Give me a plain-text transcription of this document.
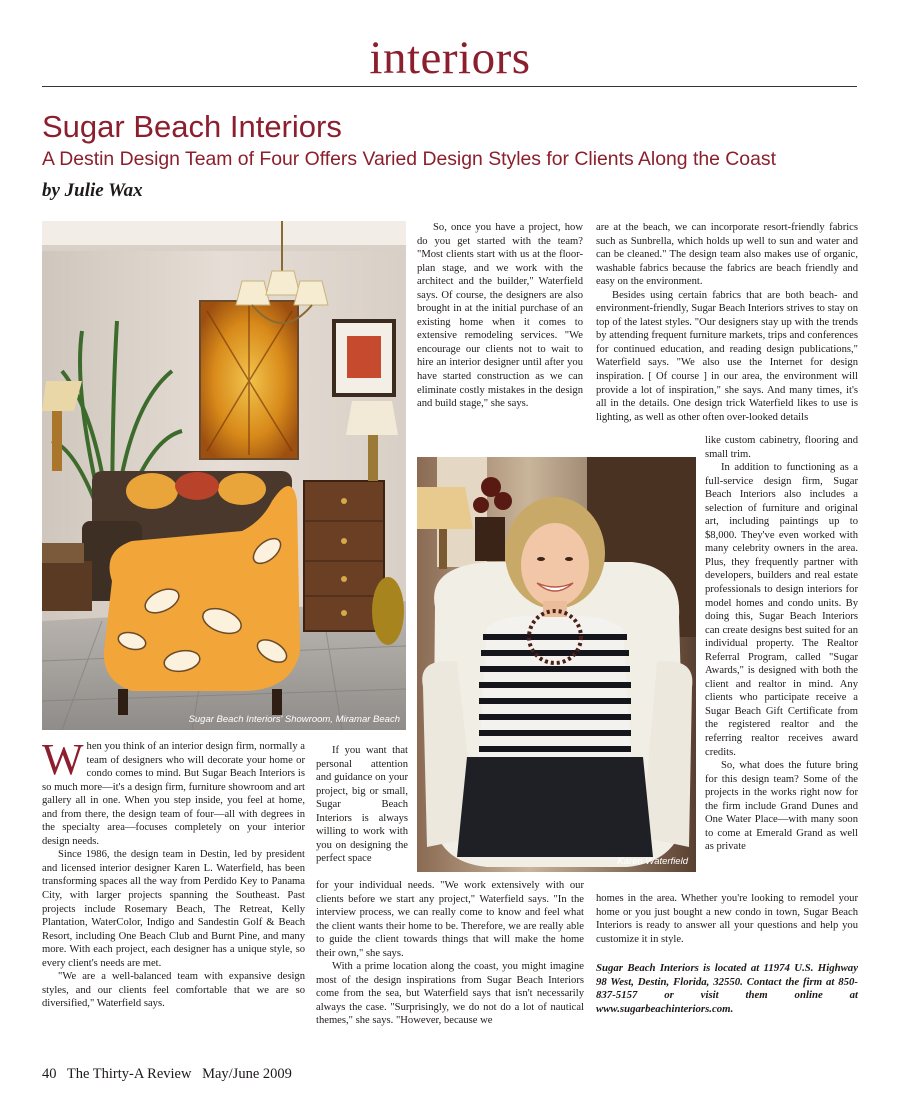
interiors
Sugar Beach Interiors
A Destin Design Team of Four Offers Varied Design Styles for Clients Along the Coast
by Julie Wax
Sugar Beach Interiors' Showroom, Miramar Beach
Karen Waterfield

When you think of an interior design firm, normally a team of designers who will decorate your home or condo comes to mind. But Sugar Beach Interiors is so much more—it's a design firm, furniture showroom and art gallery all in one. When you step inside, you feel at home, and from there, the design team of four—all with degrees in the specialty area—focuses completely on your interior design needs.

Since 1986, the design team in Destin, led by president and licensed interior designer Karen L. Waterfield, has been transforming spaces all the way from Perdido Key to Panama City, with larger projects spanning the Southeast. Past projects include Rosemary Beach, The Retreat, Kelly Plantation, WaterColor, Indigo and Sandestin Golf & Beach Resort, including One Beach Club and Burnt Pine, and many more. With each project, each designer has a unique style, so every client's needs are met.

"We are a well-balanced team with expansive design styles, and our clients feel comfortable that we are so diversified," Waterfield says.

So, once you have a project, how do you get started with the team? "Most clients start with us at the floor-plan stage, and we work with the architect and the builder," Waterfield says. Of course, the designers are also brought in at the initial purchase of an existing home when it comes to extensive remodeling services. "We encourage our clients not to wait to hire an interior designer until after you have started construction as we can eliminate costly mistakes in the design and build stage," she says.

If you want that personal attention and guidance on your project, big or small, Sugar Beach Interiors is always willing to work with you on designing the perfect space

for your individual needs. "We work extensively with our clients before we start any project," Waterfield says. "In the interview process, we can really come to know and feel what the client wants their home to be. Therefore, we are really able to guide the client towards things that will make the home their own," she says.

With a prime location along the coast, you might imagine most of the design inspirations from Sugar Beach Interiors come from the sea, but Waterfield says that isn't necessarily always the case. "Surprisingly, we do not do a lot of nautical themes," she says. "However, because we

are at the beach, we can incorporate resort-friendly fabrics such as Sunbrella, which holds up well to sun and water and can be cleaned." The design team also makes use of organic, washable fabrics because the fabrics are beach friendly and easy on the environment.

Besides using certain fabrics that are both beach- and environment-friendly, Sugar Beach Interiors strives to stay on top of the latest styles. "Our designers stay up with the trends by attending frequent furniture markets, trips and conferences for continued education, and reading design publications," Waterfield says. "We also use the Internet for design inspiration. [ Of course ] in our area, the environment will provide a lot of inspiration," she says. And many times, it's all in the details. One design trick Waterfield likes to use is lighting, as well as other often over-looked details

like custom cabinetry, flooring and small trim.

In addition to functioning as a full-service design firm, Sugar Beach Interiors also includes a selection of furniture and original art, including paintings up to $8,000. They've even worked with many celebrity owners in the area. Plus, they frequently partner with developers, builders and real estate professionals to design interiors for model homes and condo units. By doing this, Sugar Beach Interiors can create designs best suited for an individual property. The Realtor Referral Program, called "Sugar Awards," is designed with both the client and realtor in mind. Any clients who participate receive a Sugar Beach Gift Certificate from the registered realtor and the referring realtor receives award credits.

So, what does the future bring for this design team? Some of the projects in the works right now for the firm include Grand Dunes and One Water Place—with many soon to come at Emerald Grand as well as private

homes in the area. Whether you're looking to remodel your home or you just bought a new condo in town, Sugar Beach Interiors is ready to answer all your questions and help you customize it in style.

Sugar Beach Interiors is located at 11974 U.S. Highway 98 West, Destin, Florida, 32550. Contact the firm at 850-837-5157 or visit them online at www.sugarbeachinteriors.com.
40 The Thirty-A Review May/June 2009
